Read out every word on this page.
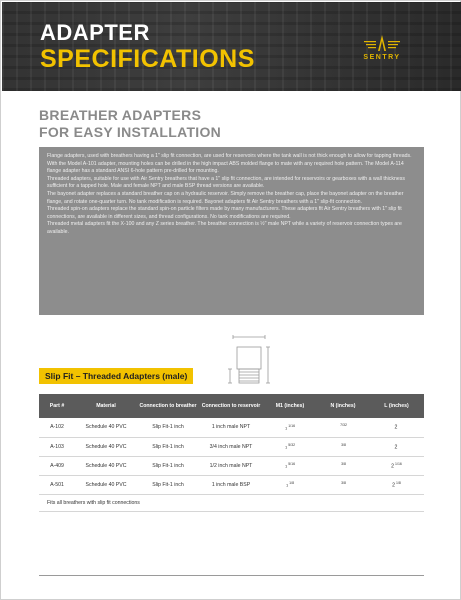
ADAPTER
SPECIFICATIONS	SENTRY
BREATHER ADAPTERS
FOR EASY INSTALLATION

Flange adapters, used with breathers having a 1" slip fit connection, are used for reservoirs where the tank wall is not thick enough to allow for tapping threads. With the Model A-101 adapter, mounting holes can be drilled in the high impact ABS molded flange to mate with any required hole pattern. The Model A-114 flange adapter has a standard ANSI 6-hole pattern pre-drilled for mounting.

Threaded adapters, suitable for use with Air Sentry breathers that have a 1" slip fit connection, are intended for reservoirs or gearboxes with a wall thickness sufficient for a tapped hole. Male and female NPT and male BSP thread versions are available.

The bayonet adapter replaces a standard breather cap on a hydraulic reservoir. Simply remove the breather cap, place the bayonet adapter on the breather flange, and rotate one-quarter turn. No tank modification is required. Bayonet adapters fit Air Sentry breathers with a 1" slip-fit connection.

Threaded spin-on adapters replace the standard spin-on particle filters made by many manufacturers. These adapters fit Air Sentry breathers with 1" slip fit connections, are available in different sizes, and thread configurations. No tank modifications are required.

Threaded metal adapters fit the X-100 and any Z series breather. The breather connection is ½" male NPT while a variety of reservoir connection types are available.

Slip Fit – Threaded Adapters (male)
Part #	Material	Connection to breather	Connection to reservoir	M1 (inches)	N (inches)	L (inches)
A-102	Schedule 40 PVC	Slip Fit-1 inch	1 inch male NPT	11/16	$^{7/32}$	2
A-103	Schedule 40 PVC	Slip Fit-1 inch	3/4 inch male NPT	15/32	$^{3/8}$	2
A-409	Schedule 40 PVC	Slip Fit-1 inch	1/2 inch male NPT	15/16	$^{3/8}$	$2^{1/16}$
A-501	Schedule 40 PVC	Slip Fit-1 inch	1 inch male BSP	11/8	$^{3/8}$	$2^{1/8}$
Fits all breathers with slip fit connections						
